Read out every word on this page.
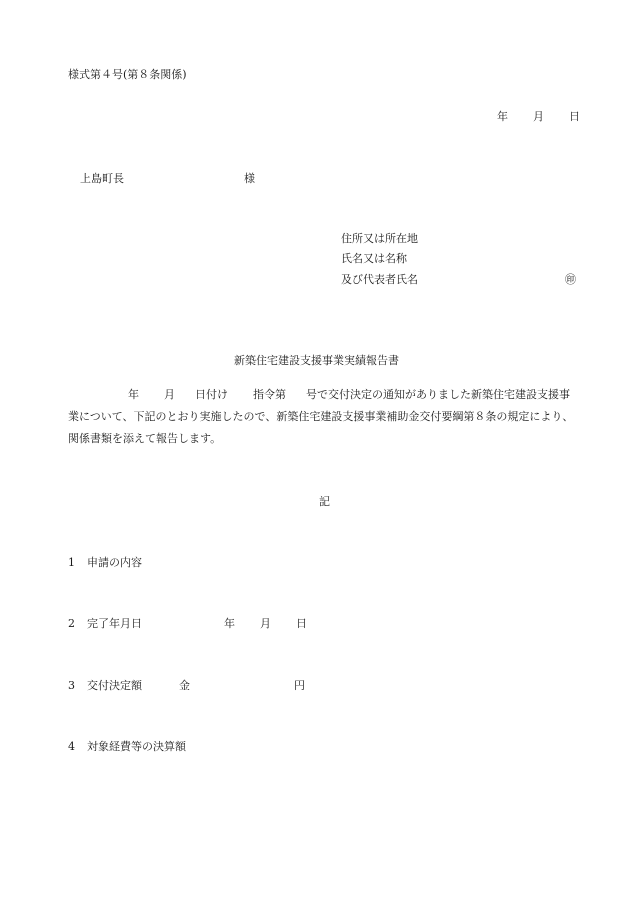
様式第４号(第８条関係)
年 月 日
上島町長	様
住所又は所在地
氏名又は名称
及び代表者氏名	㊞
新築住宅建設支援事業実績報告書
年 月 日付け 指令第 号で交付決定の通知がありました新築住宅建設支援事業について、下記のとおり実施したので、新築住宅建設支援事業補助金交付要綱第８条の規定により、関係書類を添えて報告します。
記
1 申請の内容
2 完了年月日	年 月 日
3 交付決定額	金	円
4 対象経費等の決算額
